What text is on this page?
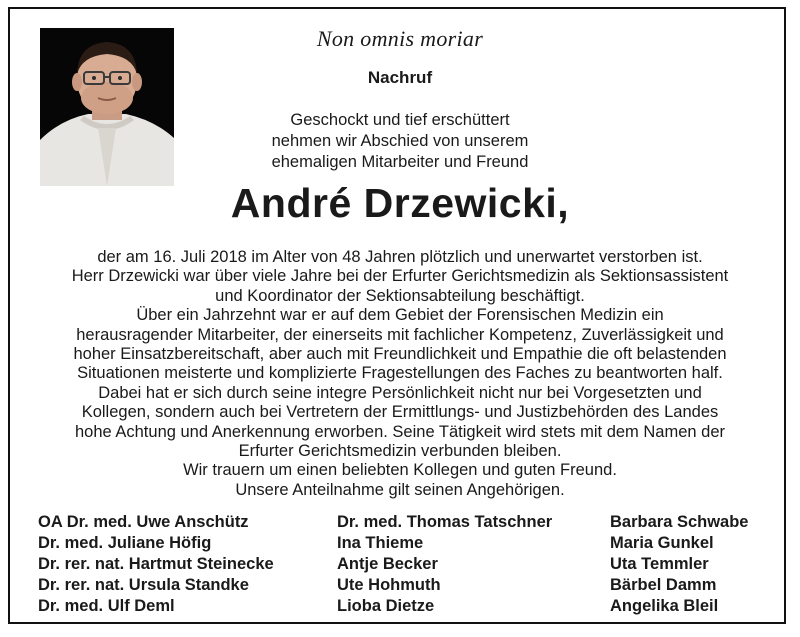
Non omnis moriar
Nachruf
Geschockt und tief erschüttert
nehmen wir Abschied von unserem
ehemaligen Mitarbeiter und Freund
André Drzewicki,
der am 16. Juli 2018 im Alter von 48 Jahren plötzlich und unerwartet verstorben ist.
Herr Drzewicki war über viele Jahre bei der Erfurter Gerichtsmedizin als Sektionsassistent
und Koordinator der Sektionsabteilung beschäftigt.
Über ein Jahrzehnt war er auf dem Gebiet der Forensischen Medizin ein
herausragender Mitarbeiter, der einerseits mit fachlicher Kompetenz, Zuverlässigkeit und
hoher Einsatzbereitschaft, aber auch mit Freundlichkeit und Empathie die oft belastenden
Situationen meisterte und komplizierte Fragestellungen des Faches zu beantworten half.
Dabei hat er sich durch seine integre Persönlichkeit nicht nur bei Vorgesetzten und
Kollegen, sondern auch bei Vertretern der Ermittlungs- und Justizbehörden des Landes
hohe Achtung und Anerkennung erworben. Seine Tätigkeit wird stets mit dem Namen der
Erfurter Gerichtsmedizin verbunden bleiben.
Wir trauern um einen beliebten Kollegen und guten Freund.
Unsere Anteilnahme gilt seinen Angehörigen.
OA Dr. med. Uwe Anschütz
Dr. med. Juliane Höfig
Dr. rer. nat. Hartmut Steinecke
Dr. rer. nat. Ursula Standke
Dr. med. Ulf Deml
Dr. med. Thomas Tatschner
Ina Thieme
Antje Becker
Ute Hohmuth
Lioba Dietze
Barbara Schwabe
Maria Gunkel
Uta Temmler
Bärbel Damm
Angelika Bleil
